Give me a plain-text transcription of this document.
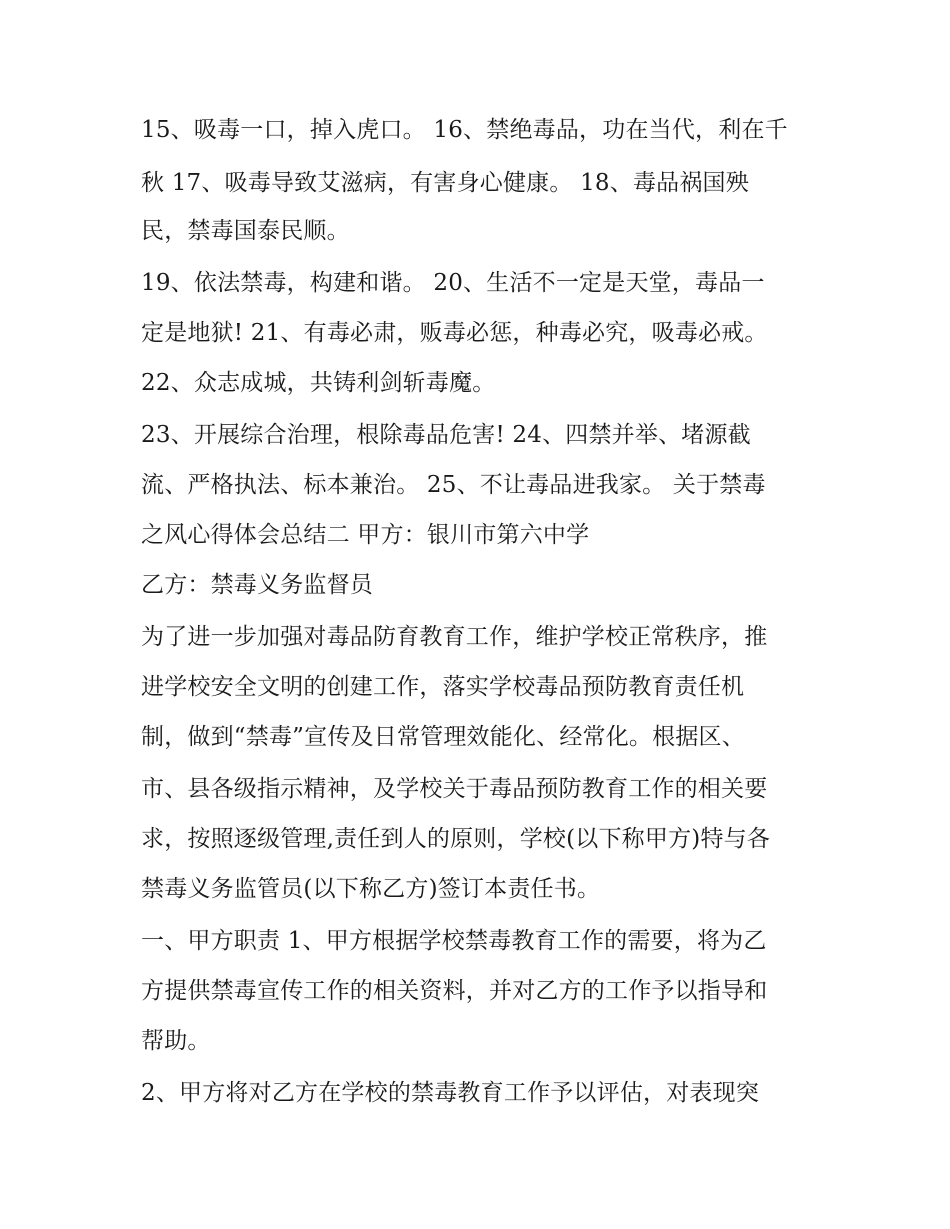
15、吸毒一口，掉入虎口。 16、禁绝毒品，功在当代，利在千
秋 17、吸毒导致艾滋病，有害身心健康。 18、毒品祸国殃
民，禁毒国泰民顺。
19、依法禁毒，构建和谐。 20、生活不一定是天堂，毒品一
定是地狱! 21、有毒必肃，贩毒必惩，种毒必究，吸毒必戒。
22、众志成城，共铸利剑斩毒魔。
23、开展综合治理，根除毒品危害! 24、四禁并举、堵源截
流、严格执法、标本兼治。 25、不让毒品进我家。 关于禁毒
之风心得体会总结二 甲方：银川市第六中学
乙方：禁毒义务监督员
为了进一步加强对毒品防育教育工作，维护学校正常秩序，推
进学校安全文明的创建工作，落实学校毒品预防教育责任机
制，做到“禁毒”宣传及日常管理效能化、经常化。根据区、
市、县各级指示精神，及学校关于毒品预防教育工作的相关要
求，按照逐级管理,责任到人的原则，学校(以下称甲方)特与各
禁毒义务监管员(以下称乙方)签订本责任书。
一、甲方职责 1、甲方根据学校禁毒教育工作的需要，将为乙
方提供禁毒宣传工作的相关资料，并对乙方的工作予以指导和
帮助。
2、甲方将对乙方在学校的禁毒教育工作予以评估，对表现突
